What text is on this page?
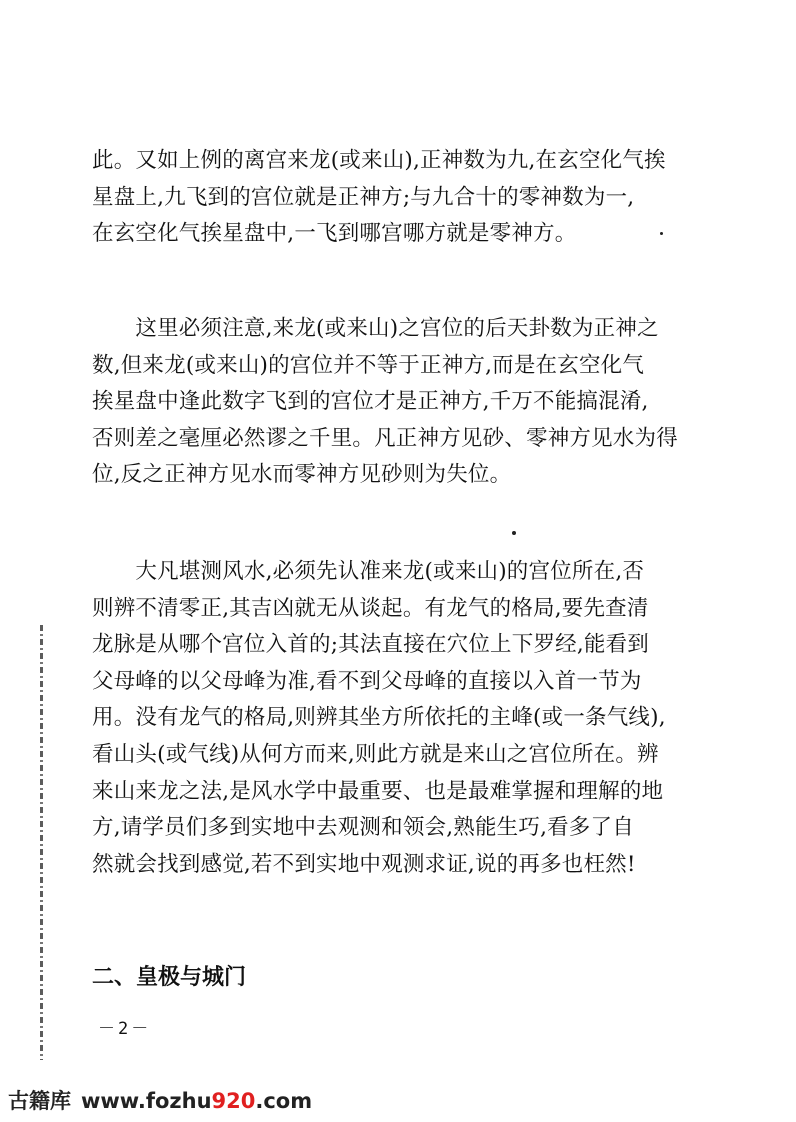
此。又如上例的离宫来龙(或来山),正神数为九,在玄空化气挨

星盘上,九飞到的宫位就是正神方;与九合十的零神数为一,

在玄空化气挨星盘中,一飞到哪宫哪方就是零神方。

　　这里必须注意,来龙(或来山)之宫位的后天卦数为正神之

数,但来龙(或来山)的宫位并不等于正神方,而是在玄空化气

挨星盘中逢此数字飞到的宫位才是正神方,千万不能搞混淆,

否则差之毫厘必然谬之千里。凡正神方见砂、零神方见水为得

位,反之正神方见水而零神方见砂则为失位。

　　大凡堪测风水,必须先认准来龙(或来山)的宫位所在,否

则辨不清零正,其吉凶就无从谈起。有龙气的格局,要先查清

龙脉是从哪个宫位入首的;其法直接在穴位上下罗经,能看到

父母峰的以父母峰为准,看不到父母峰的直接以入首一节为

用。没有龙气的格局,则辨其坐方所依托的主峰(或一条气线),

看山头(或气线)从何方而来,则此方就是来山之宫位所在。辨

来山来龙之法,是风水学中最重要、也是最难掌握和理解的地

方,请学员们多到实地中去观测和领会,熟能生巧,看多了自

然就会找到感觉,若不到实地中观测求证,说的再多也枉然!

二、皇极与城门
－2－
古籍库 www.fozhu920.com
